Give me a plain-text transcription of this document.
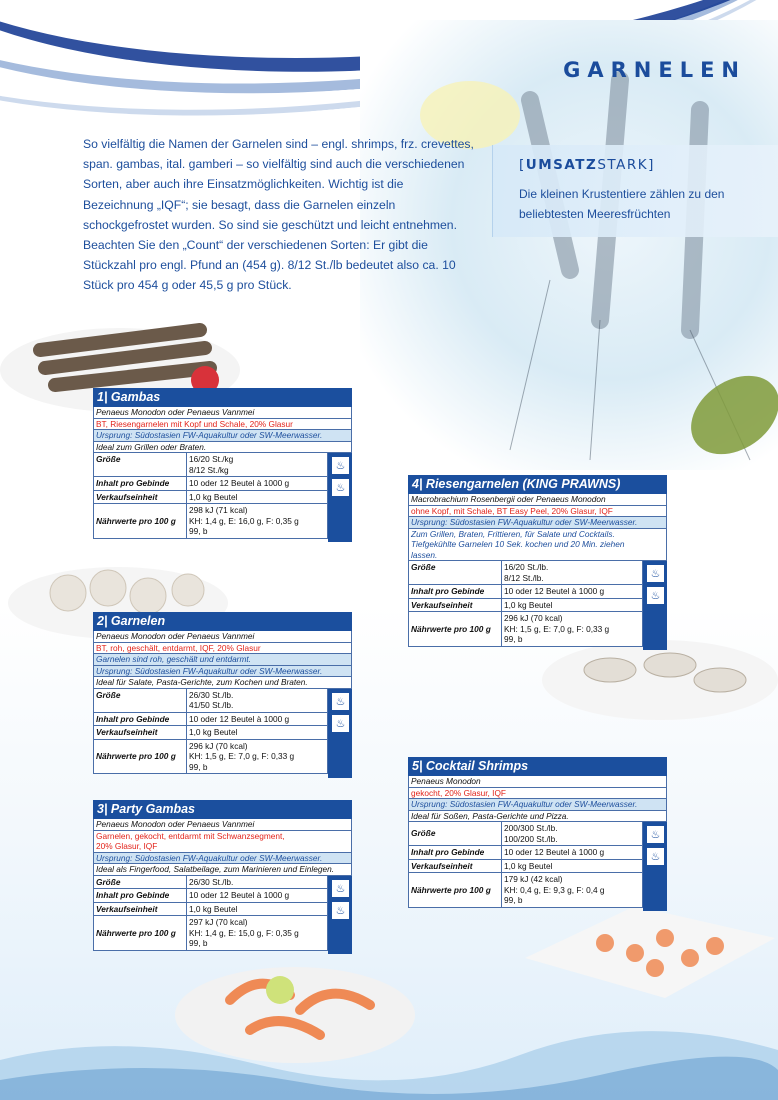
GARNELEN
So vielfältig die Namen der Garnelen sind – engl. shrimps, frz. crevettes, span. gambas, ital. gamberi – so vielfältig sind auch die verschiedenen Sorten, aber auch ihre Einsatzmöglichkeiten. Wichtig ist die Bezeichnung „IQF“; sie besagt, dass die Garnelen einzeln schockgefrostet wurden. So sind sie geschützt und leicht entnehmen. Beachten Sie den „Count“ der verschiedenen Sorten: Er gibt die Stückzahl pro engl. Pfund an (454 g). 8/12 St./lb bedeutet also ca. 10 Stück pro 454 g oder 45,5 g pro Stück.
[UMSATZSTARK]
Die kleinen Krustentiere zählen zu den beliebtesten Meeresfrüchten
1| Gambas
Penaeus Monodon oder Penaeus Vannmei
BT, Riesengarnelen mit Kopf und Schale, 20% Glasur
Ursprung: Südostasien FW-Aquakultur oder SW-Meerwasser.
Ideal zum Grillen oder Braten.
♨
♨
Größe	16/20 St./kg
8/12 St./kg

Inhalt pro Gebinde	10 oder 12 Beutel à 1000 g
Verkaufseinheit	1,0 kg Beutel
Nährwerte pro 100 g	298 kJ (71 kcal)
KH: 1,4 g, E: 16,0 g, F: 0,35 g
99, b
2| Garnelen
Penaeus Monodon oder Penaeus Vannmei
BT, roh, geschält, entdarmt, IQF, 20% Glasur
Garnelen sind roh, geschält und entdarmt.
Ursprung: Südostasien FW-Aquakultur oder SW-Meerwasser.
Ideal für Salate, Pasta-Gerichte, zum Kochen und Braten.
♨
♨
Größe	26/30 St./lb.
41/50 St./lb.

Inhalt pro Gebinde	10 oder 12 Beutel à 1000 g
Verkaufseinheit	1,0 kg Beutel
Nährwerte pro 100 g	296 kJ (70 kcal)
KH: 1,5 g, E: 7,0 g, F: 0,33 g
99, b
3| Party Gambas
Penaeus Monodon oder Penaeus Vannmei
Garnelen, gekocht, entdarmt mit Schwanzsegment,
20% Glasur, IQF
Ursprung: Südostasien FW-Aquakultur oder SW-Meerwasser.
Ideal als Fingerfood, Salatbeilage, zum Marinieren und Einlegen.
♨
♨
Größe	26/30 St./lb.
Inhalt pro Gebinde	10 oder 12 Beutel à 1000 g
Verkaufseinheit	1,0 kg Beutel
Nährwerte pro 100 g	297 kJ (70 kcal)
KH: 1,4 g, E: 15,0 g, F: 0,35 g
99, b
4| Riesengarnelen (KING PRAWNS)
Macrobrachium Rosenbergii oder Penaeus Monodon
ohne Kopf, mit Schale, BT Easy Peel, 20% Glasur, IQF
Ursprung: Südostasien FW-Aquakultur oder SW-Meerwasser.
Zum Grillen, Braten, Frittieren, für Salate und Cocktails.
Tiefgekühlte Garnelen 10 Sek. kochen und 20 Min. ziehen
lassen.
♨
♨
Größe	16/20 St./lb.
8/12 St./lb.

Inhalt pro Gebinde	10 oder 12 Beutel à 1000 g
Verkaufseinheit	1,0 kg Beutel
Nährwerte pro 100 g	296 kJ (70 kcal)
KH: 1,5 g, E: 7,0 g, F: 0,33 g
99, b
5| Cocktail Shrimps
Penaeus Monodon
gekocht, 20% Glasur, IQF
Ursprung: Südostasien FW-Aquakultur oder SW-Meerwasser.
Ideal für Soßen, Pasta-Gerichte und Pizza.
♨
♨
Größe	200/300 St./lb.
100/200 St./lb.

Inhalt pro Gebinde	10 oder 12 Beutel à 1000 g
Verkaufseinheit	1,0 kg Beutel
Nährwerte pro 100 g	179 kJ (42 kcal)
KH: 0,4 g, E: 9,3 g, F: 0,4 g
99, b
